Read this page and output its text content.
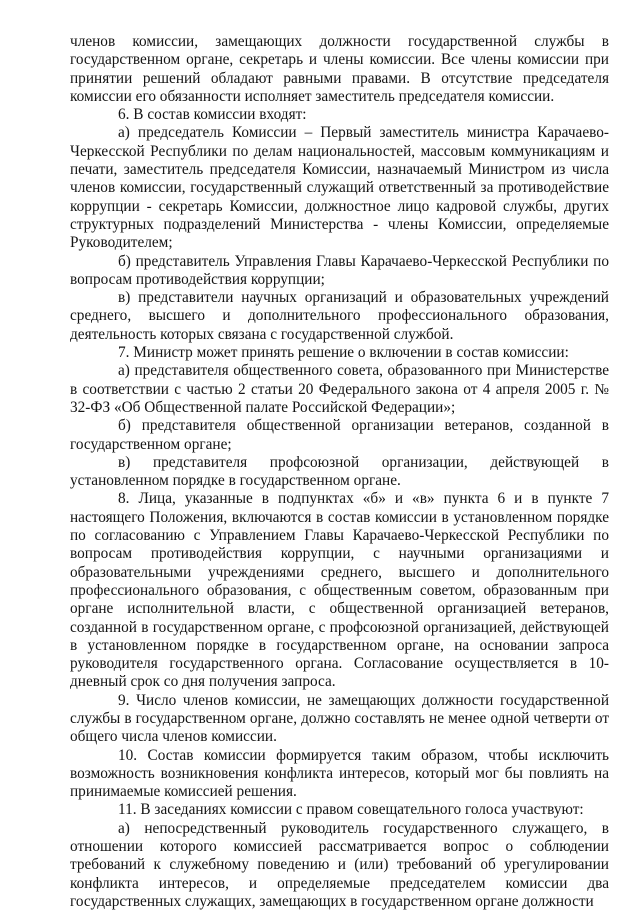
членов комиссии, замещающих должности государственной службы в государственном органе, секретарь и члены комиссии. Все члены комиссии при принятии решений обладают равными правами. В отсутствие председателя комиссии его обязанности исполняет заместитель председателя комиссии.

6. В состав комиссии входят:

а) председатель Комиссии – Первый заместитель министра Карачаево-Черкесской Республики по делам национальностей, массовым коммуникациям и печати, заместитель председателя Комиссии, назначаемый Министром из числа членов комиссии, государственный служащий ответственный за противодействие коррупции - секретарь Комиссии, должностное лицо кадровой службы, других структурных подразделений Министерства - члены Комиссии, определяемые Руководителем;

б) представитель Управления Главы Карачаево-Черкесской Республики по вопросам противодействия коррупции;

в) представители научных организаций и образовательных учреждений среднего, высшего и дополнительного профессионального образования, деятельность которых связана с государственной службой.

7. Министр может принять решение о включении в состав комиссии:

а) представителя общественного совета, образованного при Министерстве в соответствии с частью 2 статьи 20 Федерального закона от 4 апреля 2005 г. № 32-ФЗ «Об Общественной палате Российской Федерации»;

б) представителя общественной организации ветеранов, созданной в государственном органе;

в) представителя профсоюзной организации, действующей в установленном порядке в государственном органе.

8. Лица, указанные в подпунктах «б» и «в» пункта 6 и в пункте 7 настоящего Положения, включаются в состав комиссии в установленном порядке по согласованию с Управлением Главы Карачаево-Черкесской Республики по вопросам противодействия коррупции, с научными организациями и образовательными учреждениями среднего, высшего и дополнительного профессионального образования, с общественным советом, образованным при органе исполнительной власти, с общественной организацией ветеранов, созданной в государственном органе, с профсоюзной организацией, действующей в установленном порядке в государственном органе, на основании запроса руководителя государственного органа. Согласование осуществляется в 10-дневный срок со дня получения запроса.

9. Число членов комиссии, не замещающих должности государственной службы в государственном органе, должно составлять не менее одной четверти от общего числа членов комиссии.

10. Состав комиссии формируется таким образом, чтобы исключить возможность возникновения конфликта интересов, который мог бы повлиять на принимаемые комиссией решения.

11. В заседаниях комиссии с правом совещательного голоса участвуют:

а) непосредственный руководитель государственного служащего, в отношении которого комиссией рассматривается вопрос о соблюдении требований к служебному поведению и (или) требований об урегулировании конфликта интересов, и определяемые председателем комиссии два государственных служащих, замещающих в государственном органе должности
